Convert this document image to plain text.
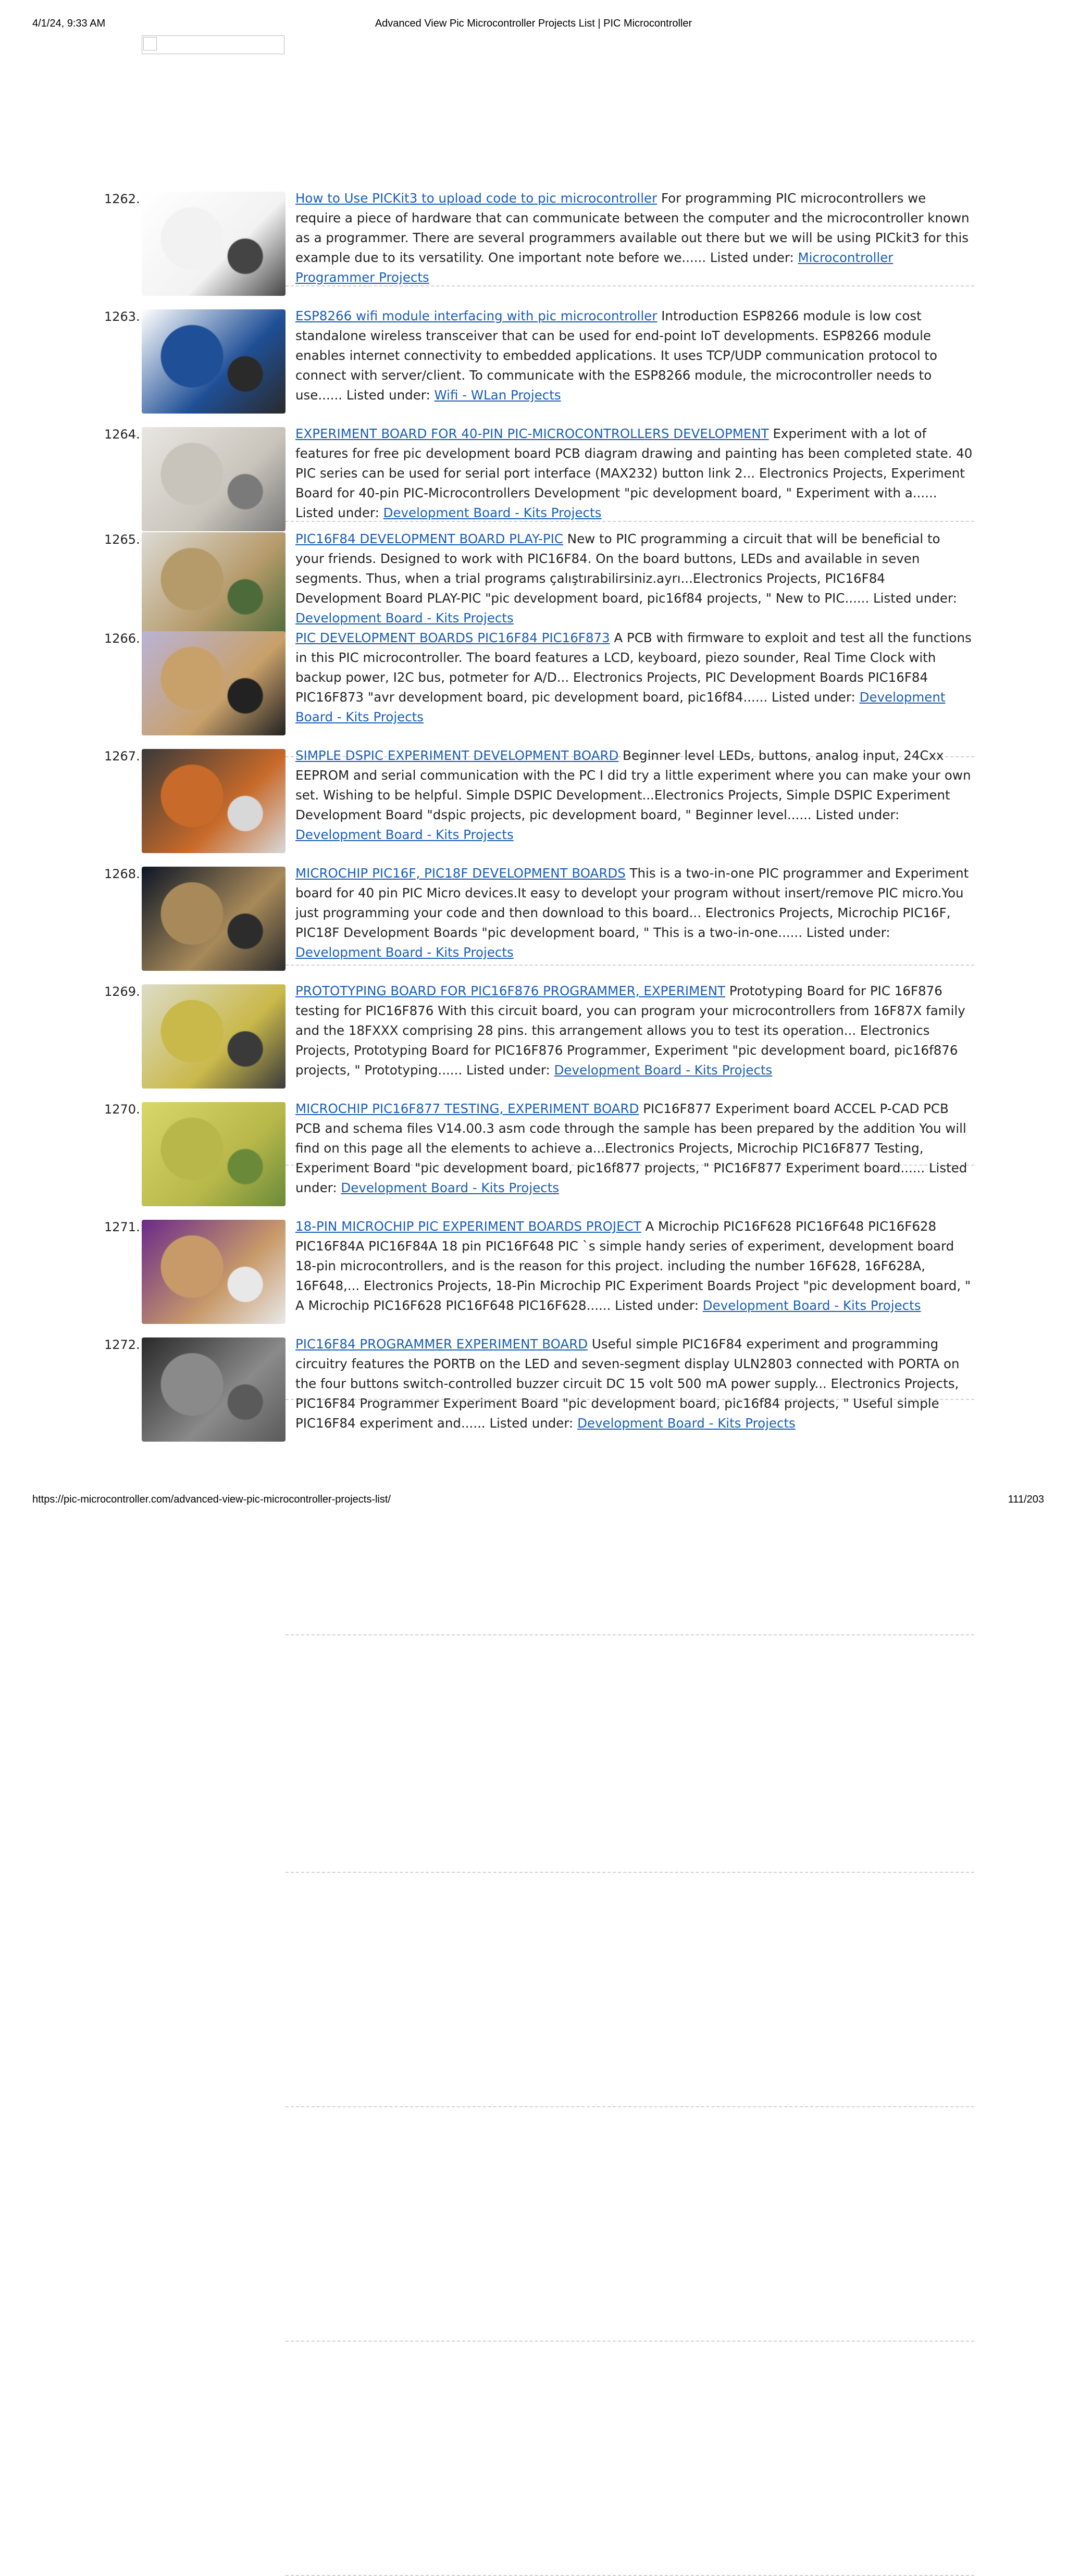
4/1/24, 9:33 AM	Advanced View Pic Microcontroller Projects List | PIC Microcontroller
1262.	How to Use PICKit3 to upload code to pic microcontroller For programming PIC microcontrollers we require a piece of hardware that can communicate between the computer and the microcontroller known as a programmer. There are several programmers available out there but we will be using PICkit3 for this example due to its versatility. One important note before we...... Listed under: Microcontroller Programmer Projects
1263.	ESP8266 wifi module interfacing with pic microcontroller Introduction ESP8266 module is low cost standalone wireless transceiver that can be used for end-point IoT developments. ESP8266 module enables internet connectivity to embedded applications. It uses TCP/UDP communication protocol to connect with server/client. To communicate with the ESP8266 module, the microcontroller needs to use...... Listed under: Wifi - WLan Projects
1264.	EXPERIMENT BOARD FOR 40-PIN PIC-MICROCONTROLLERS DEVELOPMENT Experiment with a lot of features for free pic development board PCB diagram drawing and painting has been completed state. 40 PIC series can be used for serial port interface (MAX232) button link 2... Electronics Projects, Experiment Board for 40-pin PIC-Microcontrollers Development "pic development board, " Experiment with a...... Listed under: Development Board - Kits Projects
1265.	PIC16F84 DEVELOPMENT BOARD PLAY-PIC New to PIC programming a circuit that will be beneficial to your friends. Designed to work with PIC16F84. On the board buttons, LEDs and available in seven segments. Thus, when a trial programs çalıştırabilirsiniz.ayrı...Electronics Projects, PIC16F84 Development Board PLAY-PIC "pic development board, pic16f84 projects, " New to PIC...... Listed under: Development Board - Kits Projects
1266.	PIC DEVELOPMENT BOARDS PIC16F84 PIC16F873 A PCB with firmware to exploit and test all the functions in this PIC microcontroller. The board features a LCD, keyboard, piezo sounder, Real Time Clock with backup power, I2C bus, potmeter for A/D... Electronics Projects, PIC Development Boards PIC16F84 PIC16F873 "avr development board, pic development board, pic16f84...... Listed under: Development Board - Kits Projects
1267.	SIMPLE DSPIC EXPERIMENT DEVELOPMENT BOARD Beginner level LEDs, buttons, analog input, 24Cxx EEPROM and serial communication with the PC I did try a little experiment where you can make your own set. Wishing to be helpful. Simple DSPIC Development...Electronics Projects, Simple DSPIC Experiment Development Board "dspic projects, pic development board, " Beginner level...... Listed under: Development Board - Kits Projects
1268.	MICROCHIP PIC16F, PIC18F DEVELOPMENT BOARDS This is a two-in-one PIC programmer and Experiment board for 40 pin PIC Micro devices.It easy to developt your program without insert/remove PIC micro.You just programming your code and then download to this board... Electronics Projects, Microchip PIC16F, PIC18F Development Boards "pic development board, " This is a two-in-one...... Listed under: Development Board - Kits Projects
1269.	PROTOTYPING BOARD FOR PIC16F876 PROGRAMMER, EXPERIMENT Prototyping Board for PIC 16F876 testing for PIC16F876 With this circuit board, you can program your microcontrollers from 16F87X family and the 18FXXX comprising 28 pins. this arrangement allows you to test its operation... Electronics Projects, Prototyping Board for PIC16F876 Programmer, Experiment "pic development board, pic16f876 projects, " Prototyping...... Listed under: Development Board - Kits Projects
1270.	MICROCHIP PIC16F877 TESTING, EXPERIMENT BOARD PIC16F877 Experiment board ACCEL P-CAD PCB PCB and schema files V14.00.3 asm code through the sample has been prepared by the addition You will find on this page all the elements to achieve a...Electronics Projects, Microchip PIC16F877 Testing, Experiment Board "pic development board, pic16f877 projects, " PIC16F877 Experiment board...... Listed under: Development Board - Kits Projects
1271.	18-PIN MICROCHIP PIC EXPERIMENT BOARDS PROJECT A Microchip PIC16F628 PIC16F648 PIC16F628 PIC16F84A PIC16F84A 18 pin PIC16F648 PIC `s simple handy series of experiment, development board 18-pin microcontrollers, and is the reason for this project. including the number 16F628, 16F628A, 16F648,... Electronics Projects, 18-Pin Microchip PIC Experiment Boards Project "pic development board, " A Microchip PIC16F628 PIC16F648 PIC16F628...... Listed under: Development Board - Kits Projects
1272.	PIC16F84 PROGRAMMER EXPERIMENT BOARD Useful simple PIC16F84 experiment and programming circuitry features the PORTB on the LED and seven-segment display ULN2803 connected with PORTA on the four buttons switch-controlled buzzer circuit DC 15 volt 500 mA power supply... Electronics Projects, PIC16F84 Programmer Experiment Board "pic development board, pic16f84 projects, " Useful simple PIC16F84 experiment and...... Listed under: Development Board - Kits Projects
https://pic-microcontroller.com/advanced-view-pic-microcontroller-projects-list/	111/203
